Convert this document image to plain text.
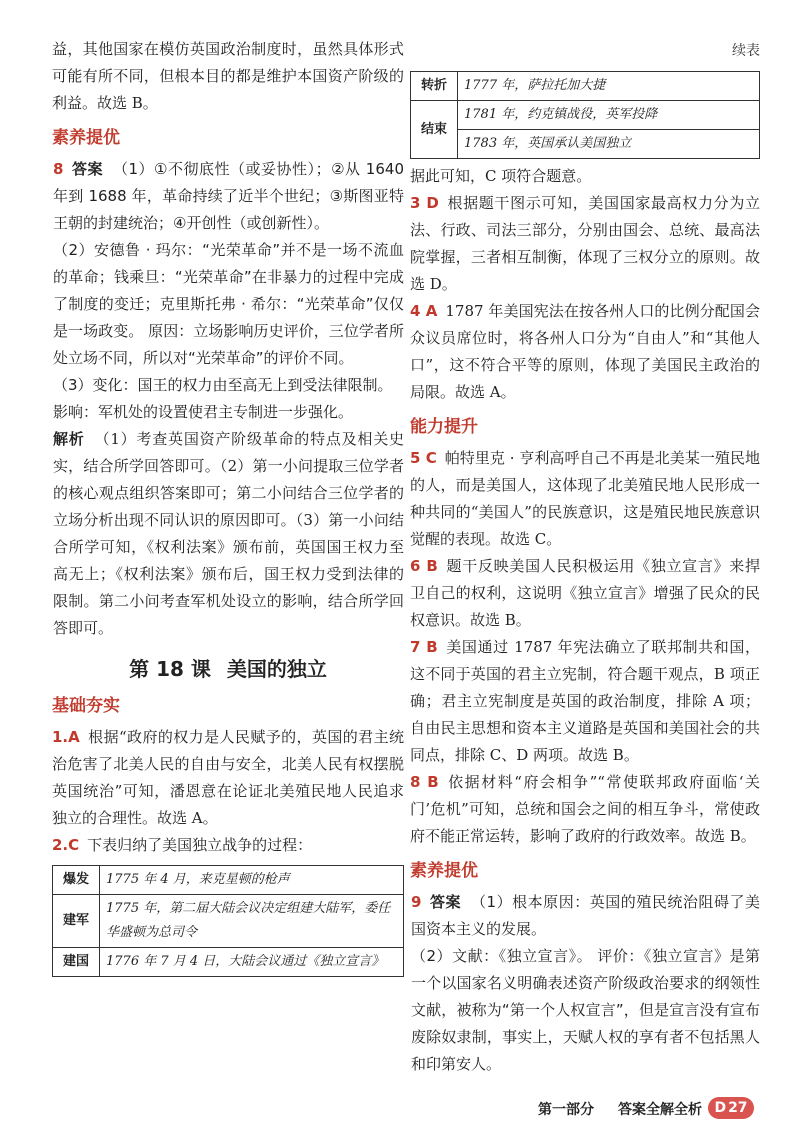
益，其他国家在模仿英国政治制度时，虽然具体形式可能有所不同，但根本目的都是维护本国资产阶级的利益。故选 B。

素养提优

8 答案 （1）①不彻底性（或妥协性）；②从 1640 年到 1688 年，革命持续了近半个世纪；③斯图亚特王朝的封建统治；④开创性（或创新性）。

（2）安德鲁 · 玛尔：“光荣革命”并不是一场不流血的革命；钱乘旦：“光荣革命”在非暴力的过程中完成了制度的变迁；克里斯托弗 · 希尔：“光荣革命”仅仅是一场政变。 原因：立场影响历史评价，三位学者所处立场不同，所以对“光荣革命”的评价不同。

（3）变化：国王的权力由至高无上到受法律限制。

影响：军机处的设置使君主专制进一步强化。

解析 （1）考查英国资产阶级革命的特点及相关史实，结合所学回答即可。（2）第一小问提取三位学者的核心观点组织答案即可；第二小问结合三位学者的立场分析出现不同认识的原因即可。（3）第一小问结合所学可知，《权利法案》颁布前，英国国王权力至高无上；《权利法案》颁布后，国王权力受到法律的限制。第二小问考查军机处设立的影响，结合所学回答即可。

第 18 课 美国的独立
基础夯实

1.A 根据“政府的权力是人民赋予的，英国的君主统治危害了北美人民的自由与安全，北美人民有权摆脱英国统治”可知，潘恩意在论证北美殖民地人民追求独立的合理性。故选 A。

2.C 下表归纳了美国独立战争的过程：

爆发	1775 年 4 月，来克星顿的枪声
建军	1775 年，第二届大陆会议决定组建大陆军，委任华盛顿为总司令
建国	1776 年 7 月 4 日，大陆会议通过《独立宣言》
续表
转折	1777 年，萨拉托加大捷
结束	1781 年，约克镇战役，英军投降
	1783 年，英国承认美国独立

据此可知，C 项符合题意。

3 D 根据题干图示可知，美国国家最高权力分为立法、行政、司法三部分，分别由国会、总统、最高法院掌握，三者相互制衡，体现了三权分立的原则。故选 D。

4 A 1787 年美国宪法在按各州人口的比例分配国会众议员席位时，将各州人口分为“自由人”和“其他人口”，这不符合平等的原则，体现了美国民主政治的局限。故选 A。

能力提升

5 C 帕特里克 · 亨利高呼自己不再是北美某一殖民地的人，而是美国人，这体现了北美殖民地人民形成一种共同的“美国人”的民族意识，这是殖民地民族意识觉醒的表现。故选 C。

6 B 题干反映美国人民积极运用《独立宣言》来捍卫自己的权利，这说明《独立宣言》增强了民众的民权意识。故选 B。

7 B 美国通过 1787 年宪法确立了联邦制共和国，这不同于英国的君主立宪制，符合题干观点，B 项正确；君主立宪制度是英国的政治制度，排除 A 项；自由民主思想和资本主义道路是英国和美国社会的共同点，排除 C、D 两项。故选 B。

8 B 依据材料“府会相争”“常使联邦政府面临‘关门’危机”可知，总统和国会之间的相互争斗，常使政府不能正常运转，影响了政府的行政效率。故选 B。

素养提优

9 答案 （1）根本原因：英国的殖民统治阻碍了美国资本主义的发展。

（2）文献：《独立宣言》。 评价：《独立宣言》是第一个以国家名义明确表述资产阶级政治要求的纲领性文献，被称为“第一个人权宣言”，但是宣言没有宣布废除奴隶制，事实上，天赋人权的享有者不包括黑人和印第安人。

第一部分 答案全解全析 D 27
